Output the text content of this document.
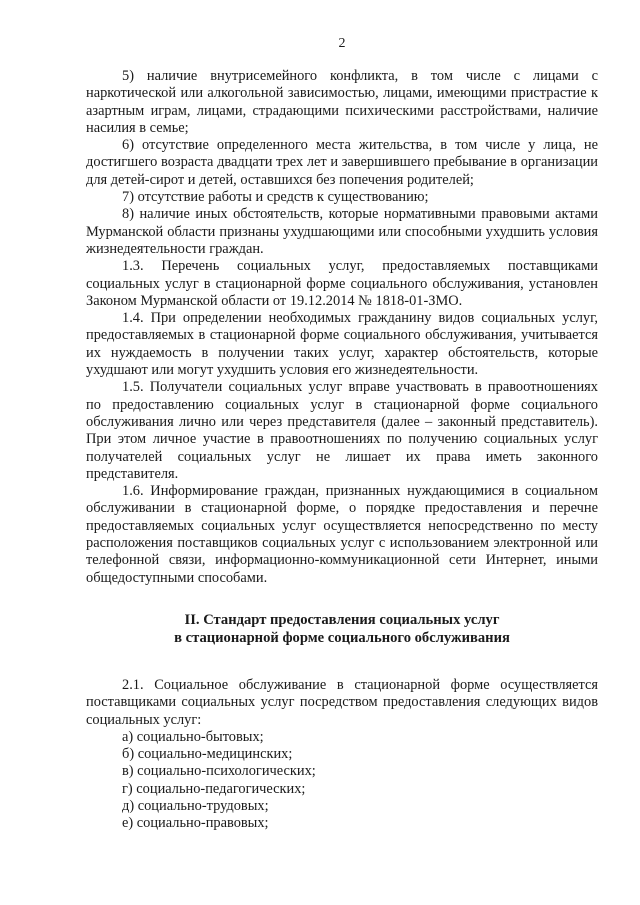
2

5) наличие внутрисемейного конфликта, в том числе с лицами с наркотической или алкогольной зависимостью, лицами, имеющими пристрастие к азартным играм, лицами, страдающими психическими расстройствами, наличие насилия в семье;

6) отсутствие определенного места жительства, в том числе у лица, не достигшего возраста двадцати трех лет и завершившего пребывание в организации для детей-сирот и детей, оставшихся без попечения родителей;

7) отсутствие работы и средств к существованию;

8) наличие иных обстоятельств, которые нормативными правовыми актами Мурманской области признаны ухудшающими или способными ухудшить условия жизнедеятельности граждан.

1.3. Перечень социальных услуг, предоставляемых поставщиками социальных услуг в стационарной форме социального обслуживания, установлен Законом Мурманской области от 19.12.2014 № 1818-01-ЗМО.

1.4. При определении необходимых гражданину видов социальных услуг, предоставляемых в стационарной форме социального обслуживания, учитывается их нуждаемость в получении таких услуг, характер обстоятельств, которые ухудшают или могут ухудшить условия его жизнедеятельности.

1.5. Получатели социальных услуг вправе участвовать в правоотношениях по предоставлению социальных услуг в стационарной форме социального обслуживания лично или через представителя (далее – законный представитель). При этом личное участие в правоотношениях по получению социальных услуг получателей социальных услуг не лишает их права иметь законного представителя.

1.6. Информирование граждан, признанных нуждающимися в социальном обслуживании в стационарной форме, о порядке предоставления и перечне предоставляемых социальных услуг осуществляется непосредственно по месту расположения поставщиков социальных услуг с использованием электронной или телефонной связи, информационно-коммуникационной сети Интернет, иными общедоступными способами.

II. Стандарт предоставления социальных услуг
в стационарной форме социального обслуживания

2.1. Социальное обслуживание в стационарной форме осуществляется поставщиками социальных услуг посредством предоставления следующих видов социальных услуг:

а) социально-бытовых;

б) социально-медицинских;

в) социально-психологических;

г) социально-педагогических;

д) социально-трудовых;

е) социально-правовых;
